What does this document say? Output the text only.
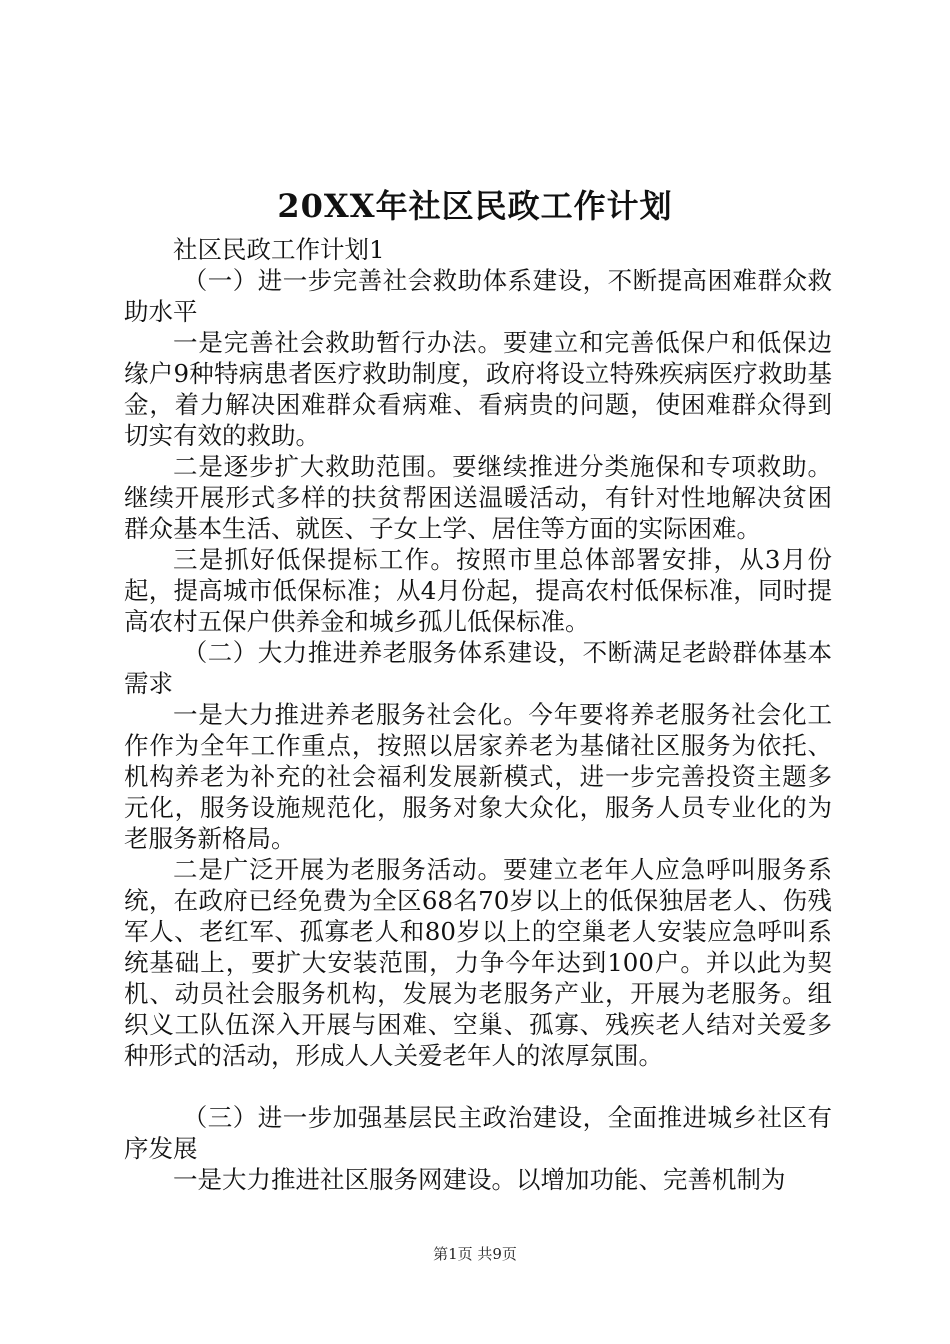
20XX年社区民政工作计划

社区民政工作计划1

（一）进一步完善社会救助体系建设，不断提高困难群众救助水平

一是完善社会救助暂行办法。要建立和完善低保户和低保边缘户9种特病患者医疗救助制度，政府将设立特殊疾病医疗救助基金，着力解决困难群众看病难、看病贵的问题，使困难群众得到切实有效的救助。

二是逐步扩大救助范围。要继续推进分类施保和专项救助。继续开展形式多样的扶贫帮困送温暖活动，有针对性地解决贫困群众基本生活、就医、子女上学、居住等方面的实际困难。

三是抓好低保提标工作。按照市里总体部署安排，从3月份起，提高城市低保标准；从4月份起，提高农村低保标准，同时提高农村五保户供养金和城乡孤儿低保标准。

（二）大力推进养老服务体系建设，不断满足老龄群体基本需求

一是大力推进养老服务社会化。今年要将养老服务社会化工作作为全年工作重点，按照以居家养老为基储社区服务为依托、机构养老为补充的社会福利发展新模式，进一步完善投资主题多元化，服务设施规范化，服务对象大众化，服务人员专业化的为老服务新格局。

二是广泛开展为老服务活动。要建立老年人应急呼叫服务系统，在政府已经免费为全区68名70岁以上的低保独居老人、伤残军人、老红军、孤寡老人和80岁以上的空巢老人安装应急呼叫系统基础上，要扩大安装范围，力争今年达到100户。并以此为契机、动员社会服务机构，发展为老服务产业，开展为老服务。组织义工队伍深入开展与困难、空巢、孤寡、残疾老人结对关爱多种形式的活动，形成人人关爱老年人的浓厚氛围。

（三）进一步加强基层民主政治建设，全面推进城乡社区有序发展

一是大力推进社区服务网建设。以增加功能、完善机制为

第1页 共9页
